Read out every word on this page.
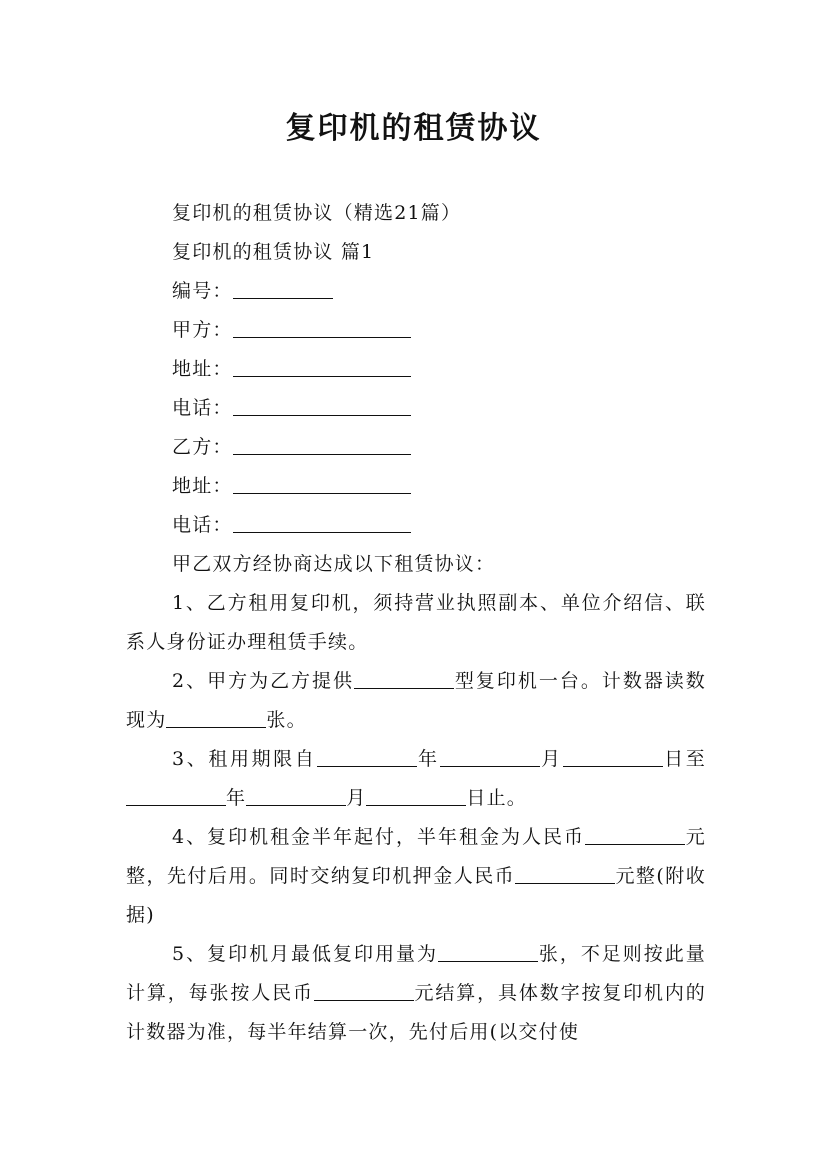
复印机的租赁协议

复印机的租赁协议（精选21篇）

复印机的租赁协议 篇1

编号：

甲方：

地址：

电话：

乙方：

地址：

电话：

甲乙双方经协商达成以下租赁协议：

1、乙方租用复印机，须持营业执照副本、单位介绍信、联系人身份证办理租赁手续。

2、甲方为乙方提供	型复印机一台。计数器读数现为	张。

3、租用期限自	年	月	日至年	月	日止。

4、复印机租金半年起付，半年租金为人民币	元整，先付后用。同时交纳复印机押金人民币	元整(附收据)

5、复印机月最低复印用量为	张，不足则按此量计算，每张按人民币	元结算，具体数字按复印机内的计数器为准，每半年结算一次，先付后用(以交付使
